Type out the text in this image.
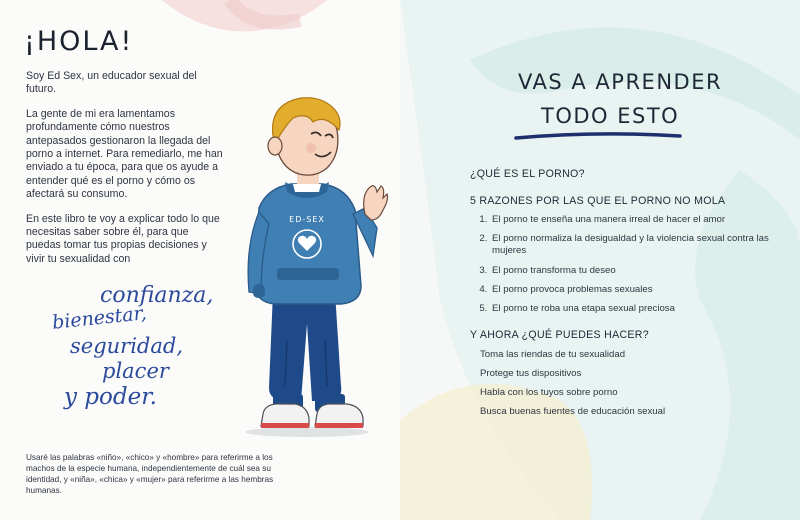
¡HOLA!

Soy Ed Sex, un educador sexual del futuro.

La gente de mi era lamentamos profundamente cómo nuestros antepasados gestionaron la llegada del porno a internet. Para remediarlo, me han enviado a tu época, para que os ayude a entender qué es el porno y cómo os afectará su consumo.

En este libro te voy a explicar todo lo que necesitas saber sobre él, para que puedas tomar tus propias decisiones y vivir tu sexualidad con

confianza,
bienestar,
seguridad,
placer
y poder.
ED-SEX

Usaré las palabras «niño», «chico» y «hombre» para referirme a los machos de la especie humana, independientemente de cuál sea su identidad, y «niña», «chica» y «mujer» para referirme a las hembras humanas.

VAS A APRENDER
TODO ESTO
¿QUÉ ES EL PORNO?
5 RAZONES POR LAS QUE EL PORNO NO MOLA
1. El porno te enseña una manera irreal de hacer el amor
2. El porno normaliza la desigualdad y la violencia sexual contra las mujeres
3. El porno transforma tu deseo
4. El porno provoca problemas sexuales
5. El porno te roba una etapa sexual preciosa
Y AHORA ¿QUÉ PUEDES HACER?
Toma las riendas de tu sexualidad
Protege tus dispositivos
Habla con los tuyos sobre porno
Busca buenas fuentes de educación sexual
